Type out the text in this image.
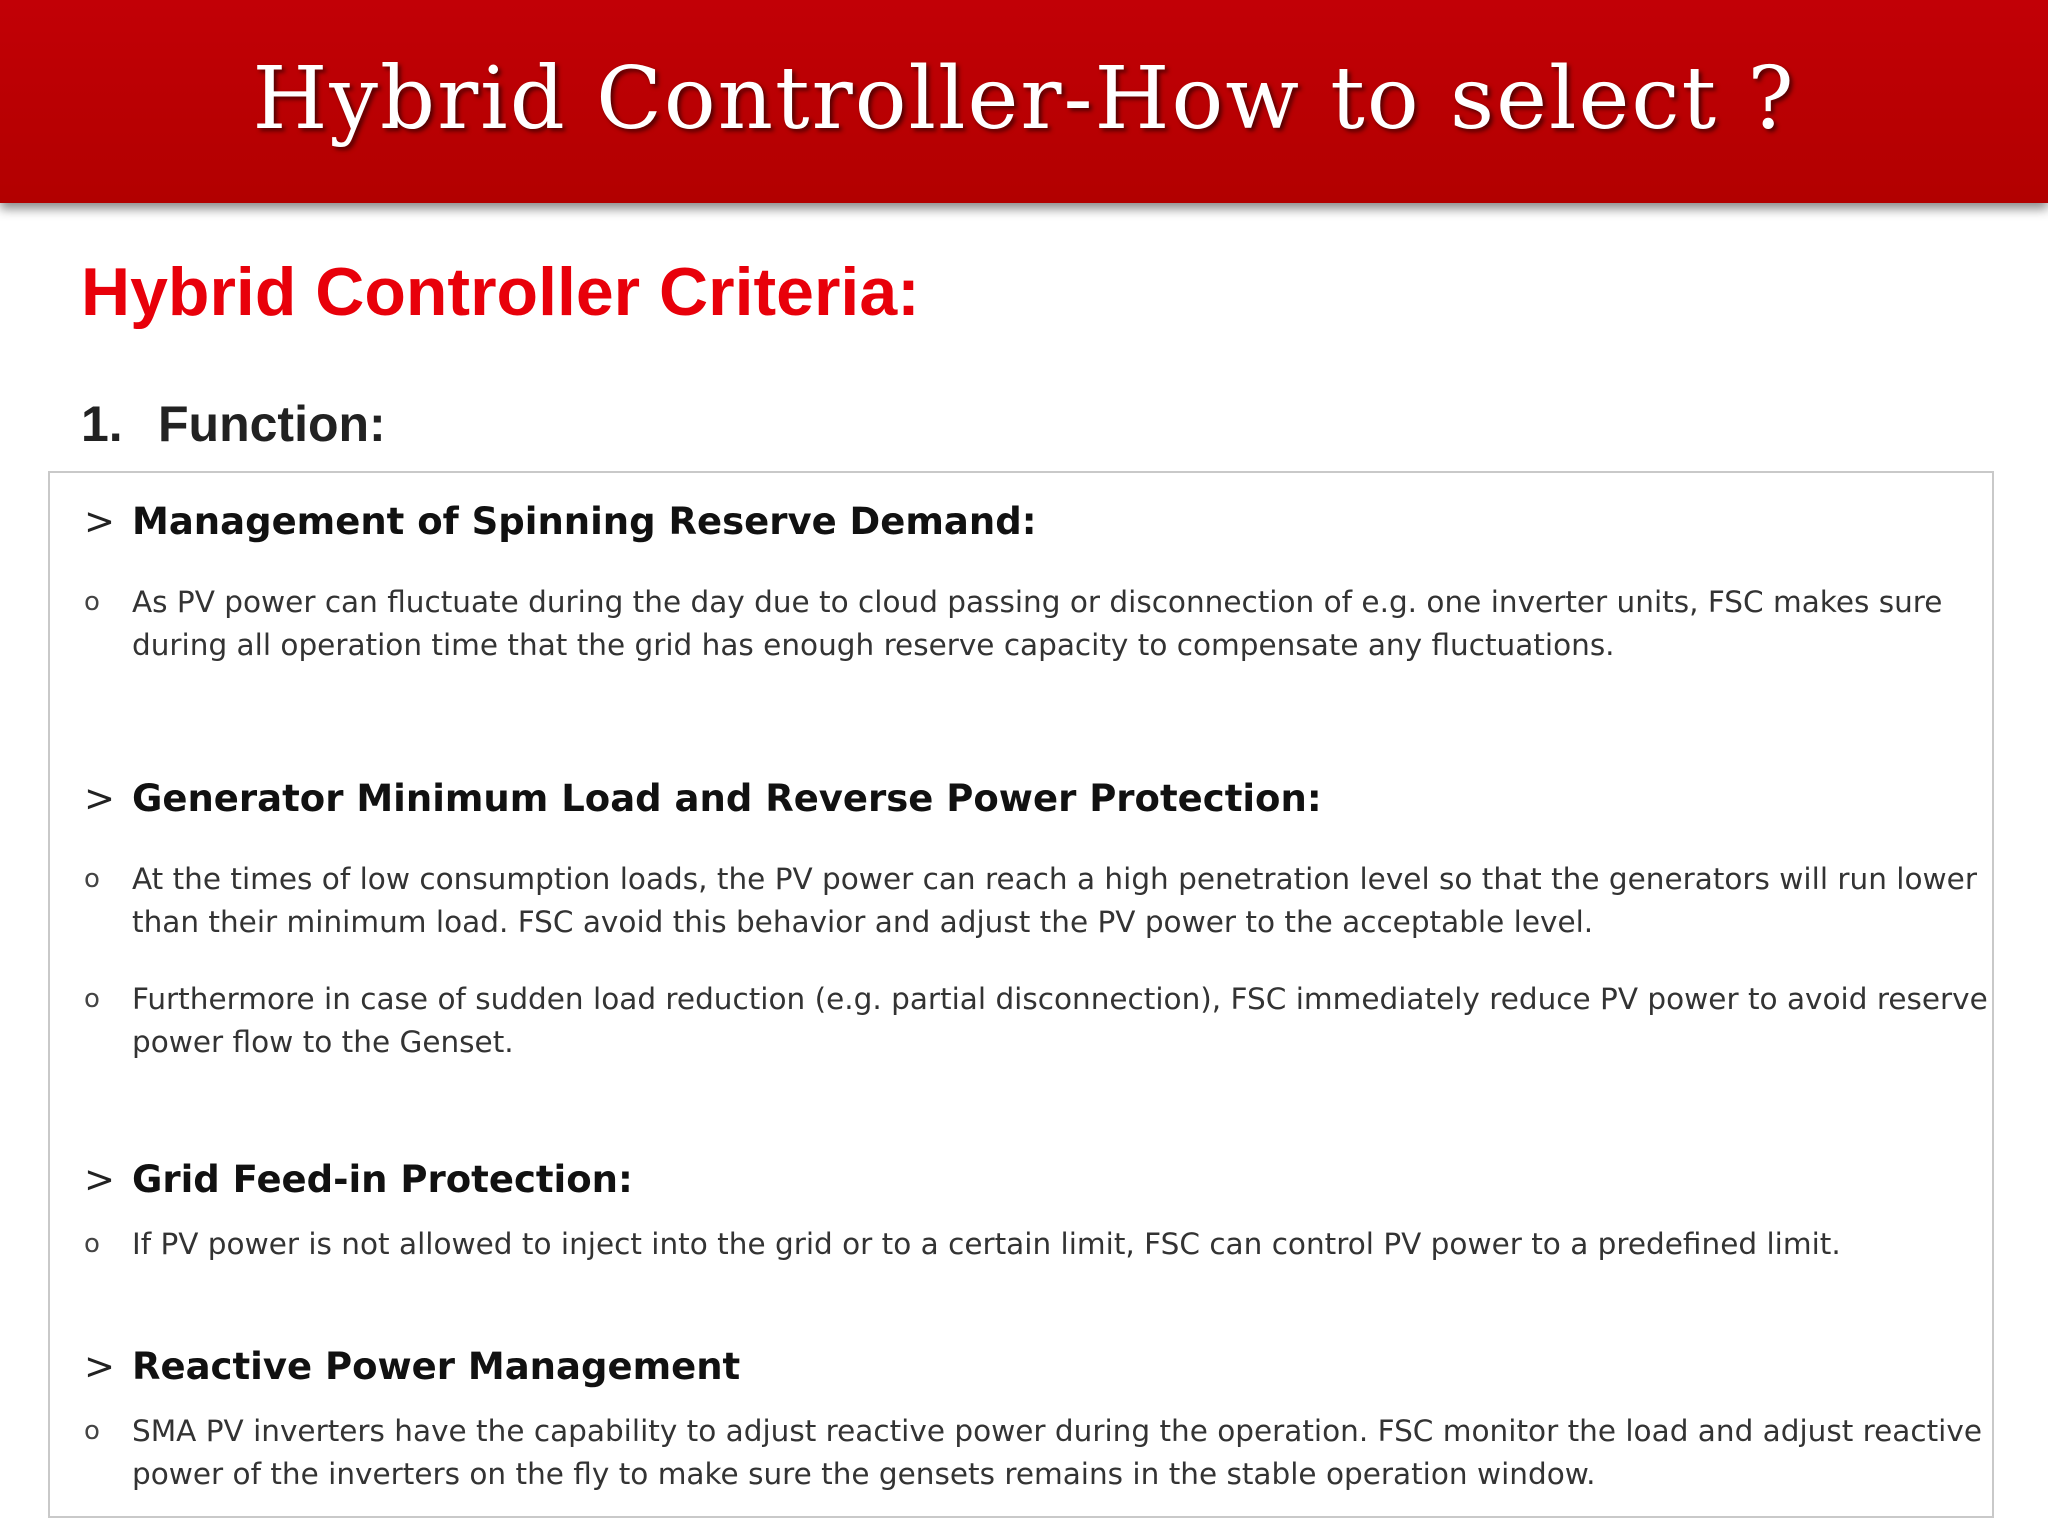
Hybrid Controller-How to select ?
Hybrid Controller Criteria:
1. Function:
> Management of Spinning Reserve Demand:
o	As PV power can fluctuate during the day due to cloud passing or disconnection of e.g. one inverter units, FSC makes sure during all operation time that the grid has enough reserve capacity to compensate any fluctuations.
> Generator Minimum Load and Reverse Power Protection:
o	At the times of low consumption loads, the PV power can reach a high penetration level so that the generators will run lower than their minimum load. FSC avoid this behavior and adjust the PV power to the acceptable level.
o	Furthermore in case of sudden load reduction (e.g. partial disconnection), FSC immediately reduce PV power to avoid reserve power flow to the Genset.
> Grid Feed-in Protection:
o	If PV power is not allowed to inject into the grid or to a certain limit, FSC can control PV power to a predefined limit.
> Reactive Power Management
o	SMA PV inverters have the capability to adjust reactive power during the operation. FSC monitor the load and adjust reactive power of the inverters on the fly to make sure the gensets remains in the stable operation window.
